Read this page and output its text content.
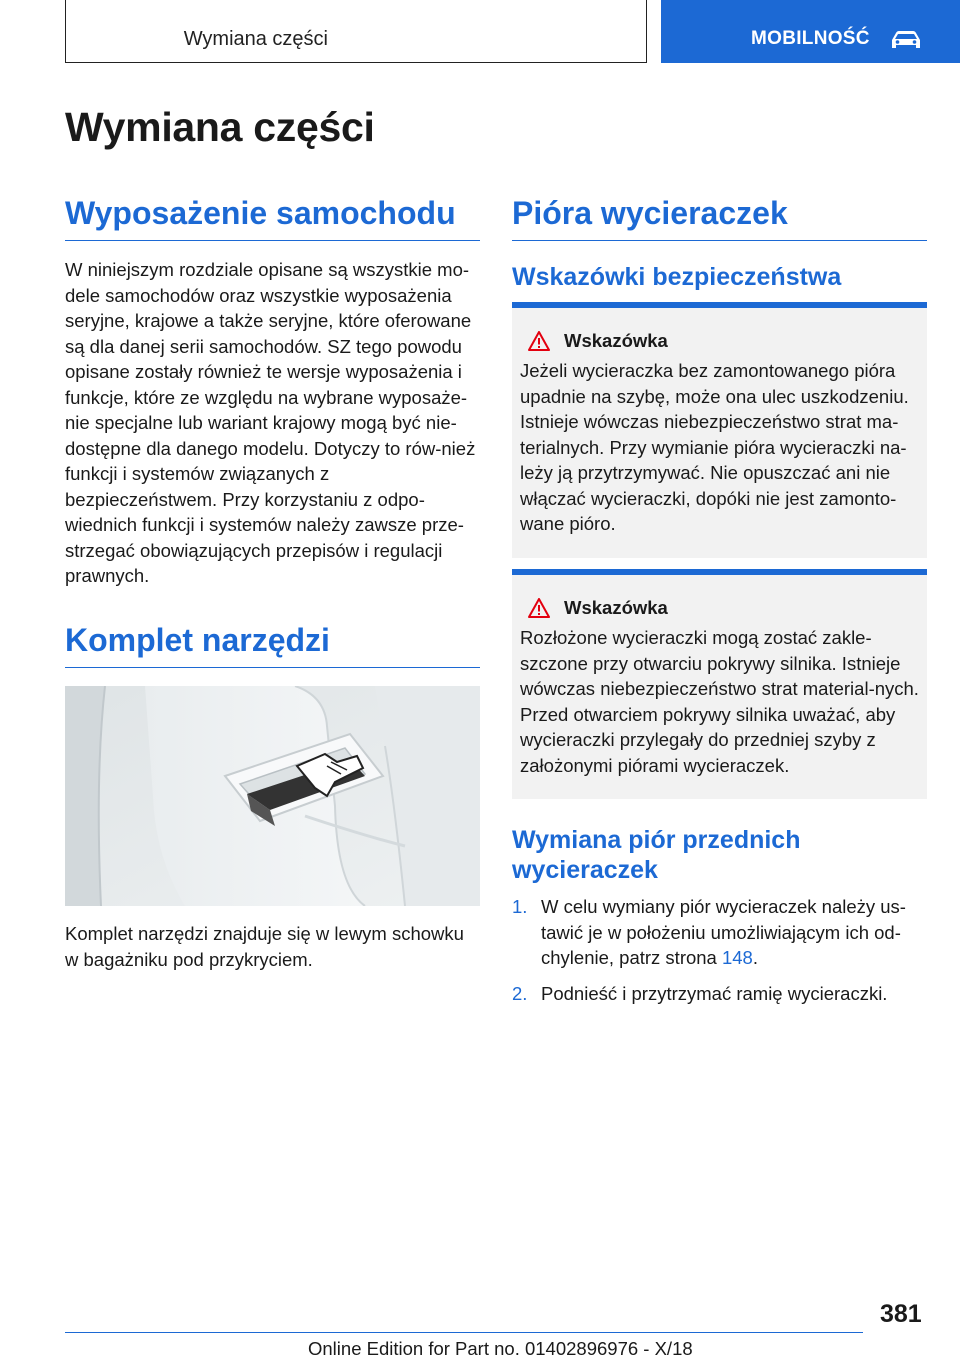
Wymiana części	MOBILNOŚĆ
Wymiana części
Wyposażenie samochodu

W niniejszym rozdziale opisane są wszystkie mo-dele samochodów oraz wszystkie wyposażenia seryjne, krajowe a także seryjne, które oferowane są dla danej serii samochodów. SZ tego powodu opisane zostały również te wersje wyposażenia i funkcje, które ze względu na wybrane wyposaże-nie specjalne lub wariant krajowy mogą być nie-dostępne dla danego modelu. Dotyczy to rów-nież funkcji i systemów związanych z bezpieczeństwem. Przy korzystaniu z odpo-wiednich funkcji i systemów należy zawsze prze-strzegać obowiązujących przepisów i regulacji prawnych.

Komplet narzędzi

Komplet narzędzi znajduje się w lewym schowku w bagażniku pod przykryciem.

Pióra wycieraczek
Wskazówki bezpieczeństwa
Wskazówka

Jeżeli wycieraczka bez zamontowanego pióra upadnie na szybę, może ona ulec uszkodzeniu. Istnieje wówczas niebezpieczeństwo strat ma-terialnych. Przy wymianie pióra wycieraczki na-leży ją przytrzymywać. Nie opuszczać ani nie włączać wycieraczki, dopóki nie jest zamonto-wane pióro.

Wskazówka

Rozłożone wycieraczki mogą zostać zakle-szczone przy otwarciu pokrywy silnika. Istnieje wówczas niebezpieczeństwo strat material-nych. Przed otwarciem pokrywy silnika uważać, aby wycieraczki przylegały do przedniej szyby z założonymi piórami wycieraczek.

Wymiana piór przednich wycieraczek
1. W celu wymiany piór wycieraczek należy us-tawić je w położeniu umożliwiającym ich od-chylenie, patrz strona 148.
2. Podnieść i przytrzymać ramię wycieraczki.
381
Online Edition for Part no. 01402896976 - X/18
